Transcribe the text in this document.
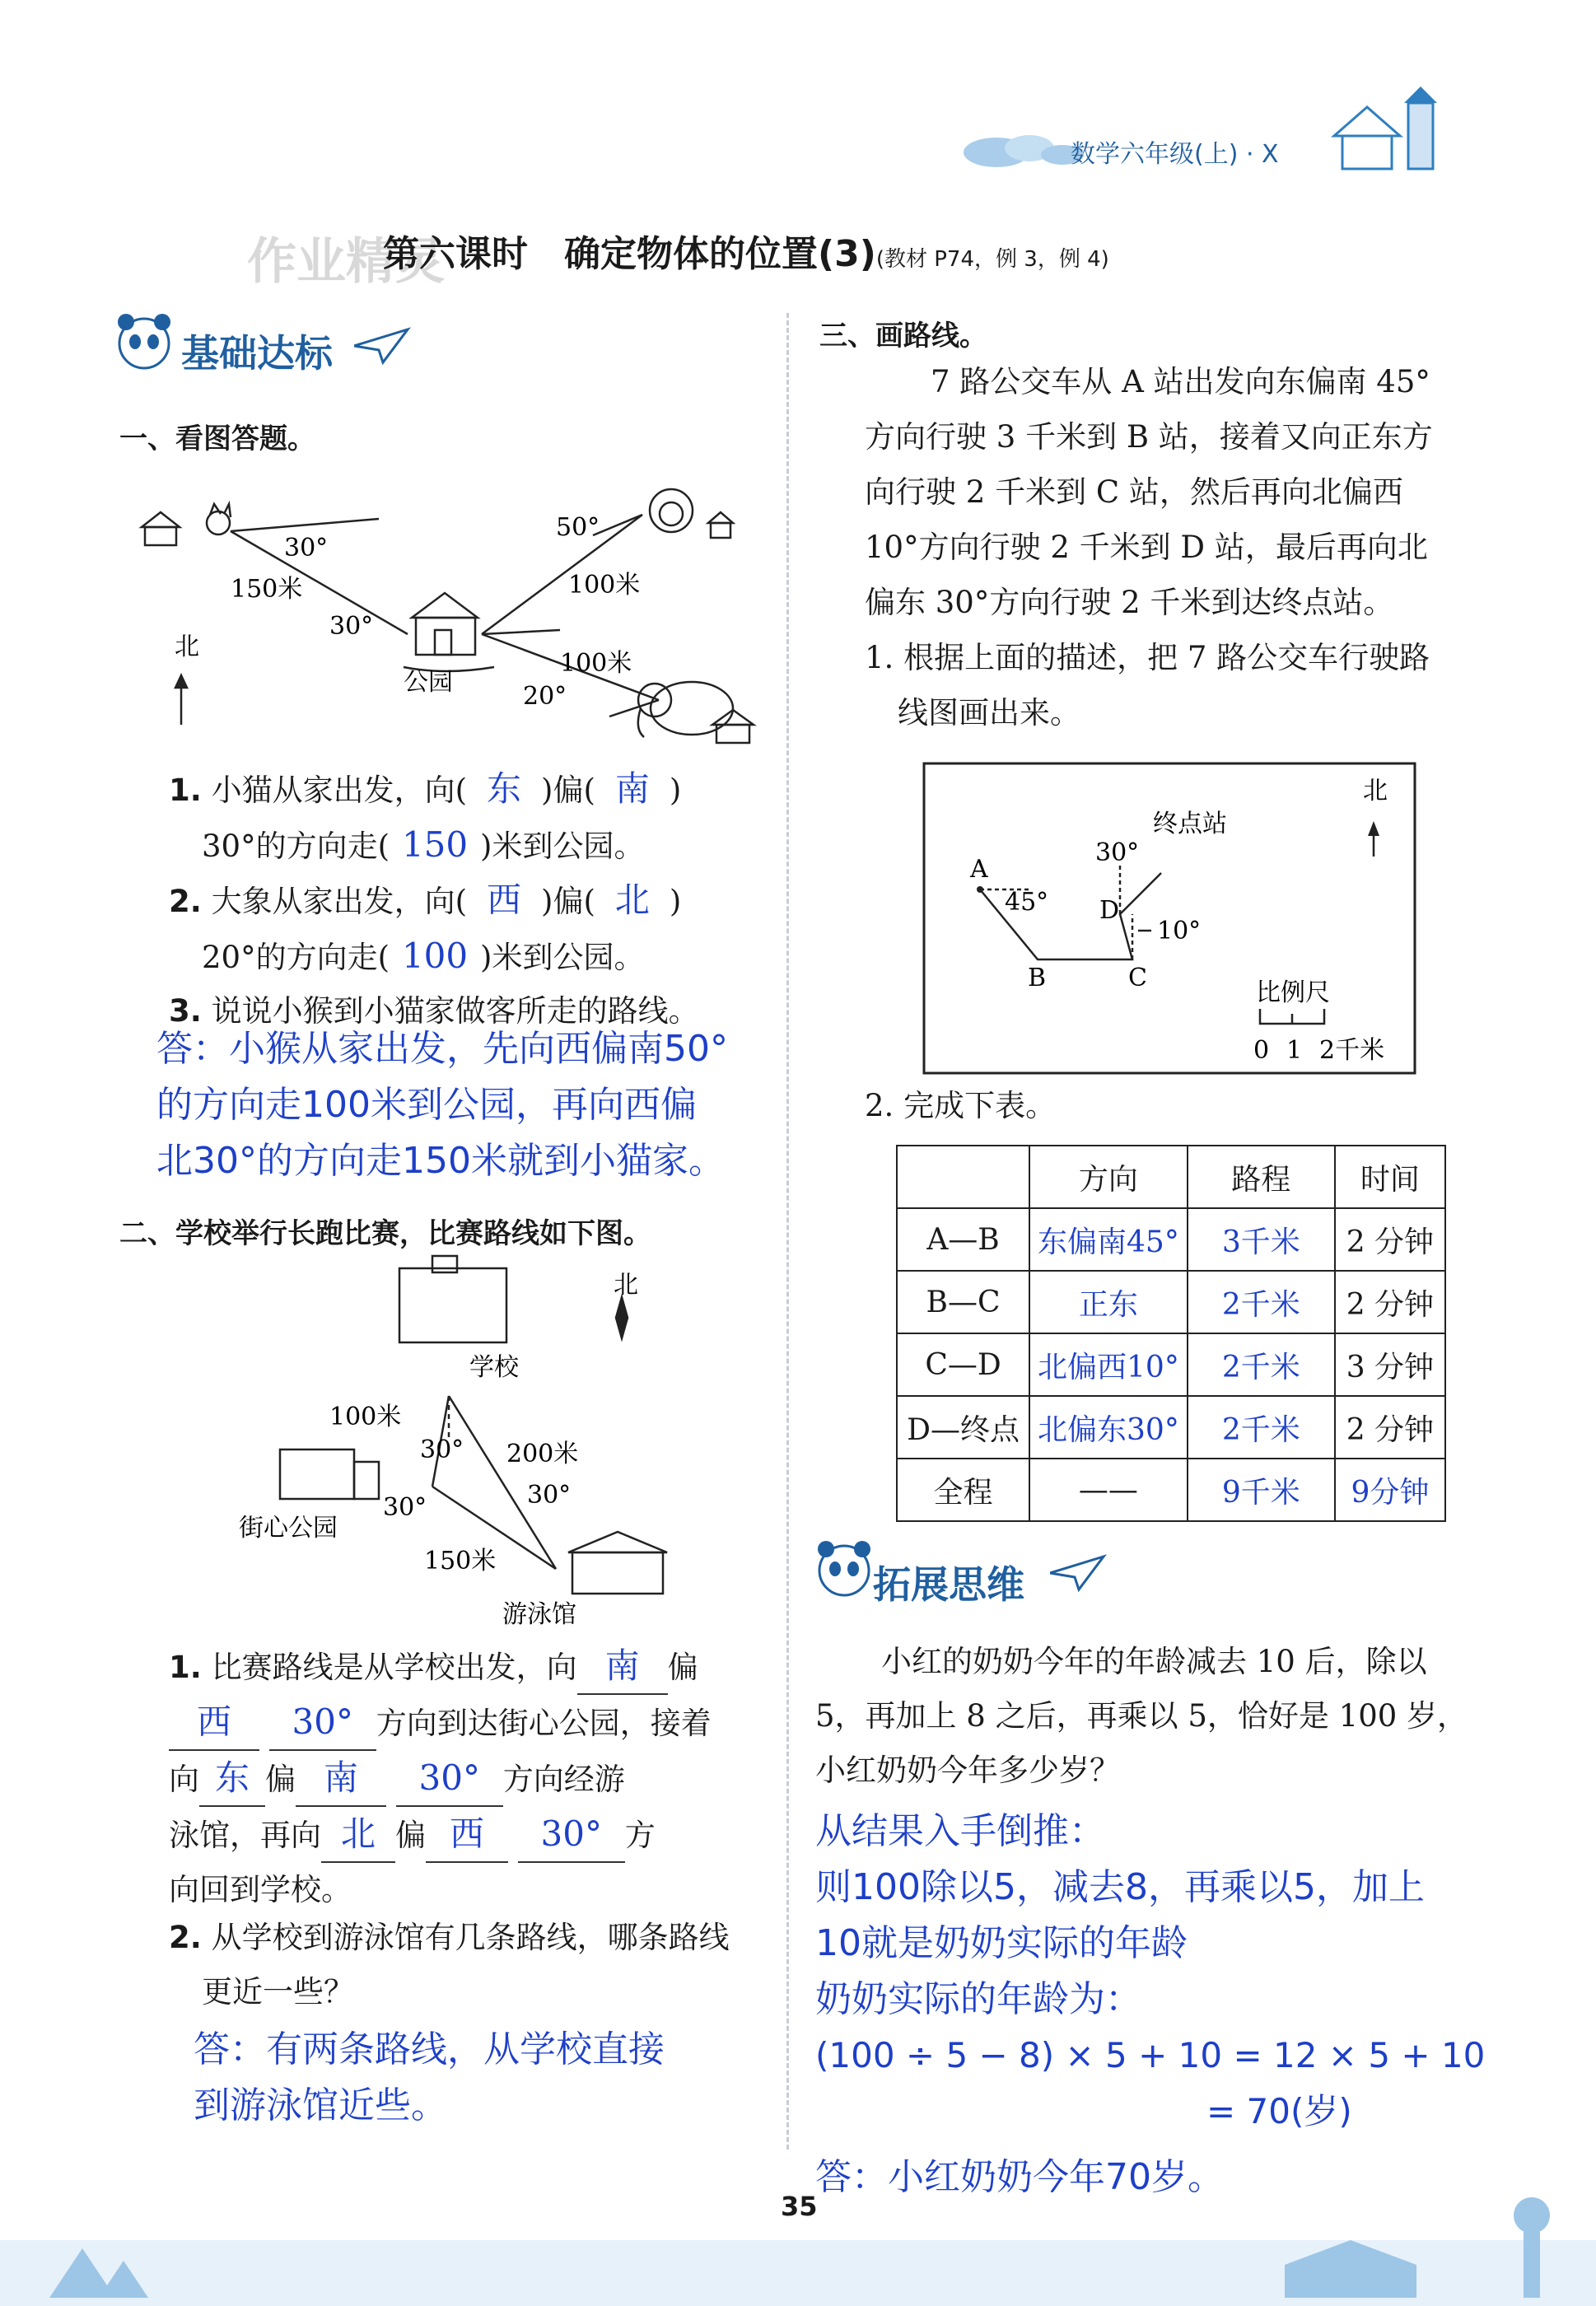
数学六年级(上) · X
作业精灵
第六课时　确定物体的位置(3)(教材 P74，例 3，例 4)
基础达标
一、看图答题。
北
公园
30°
150米
30°
50°
100米
100米
20°
1. 小猫从家出发，向( 东 )偏( 南 )
30°的方向走( 150 )米到公园。
2. 大象从家出发，向( 西 )偏( 北 )
20°的方向走( 100 )米到公园。
3. 说说小猴到小猫家做客所走的路线。
答：小猴从家出发，先向西偏南50°
的方向走100米到公园，再向西偏
北30°的方向走150米就到小猫家。
二、学校举行长跑比赛，比赛路线如下图。
北
学校
街心公园
游泳馆
100米
200米
150米
30°
30°	30°
1. 比赛路线是从学校出发，向 南 偏
西 30° 方向到达街心公园，接着
向 东 偏 南 30° 方向经游
泳馆，再向 北 偏 西 30° 方
向回到学校。
2. 从学校到游泳馆有几条路线，哪条路线
更近一些？
答：有两条路线，从学校直接
到游泳馆近些。
三、画路线。
7 路公交车从 A 站出发向东偏南 45°
方向行驶 3 千米到 B 站，接着又向正东方
向行驶 2 千米到 C 站，然后再向北偏西
10°方向行驶 2 千米到 D 站，最后再向北
偏东 30°方向行驶 2 千米到达终点站。
1. 根据上面的描述，把 7 路公交车行驶路
线图画出来。
北
A
B	C
D
终点站
45°
30°
10°
比例尺
0 1 2千米
2. 完成下表。
	方向	路程	时间
A—B	东偏南45°	3千米	2 分钟
B—C	正东	2千米	2 分钟
C—D	北偏西10°	2千米	3 分钟
D—终点	北偏东30°	2千米	2 分钟
全程	——	9千米	9分钟
拓展思维
小红的奶奶今年的年龄减去 10 后，除以
5，再加上 8 之后，再乘以 5，恰好是 100 岁，
小红奶奶今年多少岁？
从结果入手倒推：
则100除以5，减去8，再乘以5，加上
10就是奶奶实际的年龄
奶奶实际的年龄为：
(100 ÷ 5 − 8) × 5 + 10 = 12 × 5 + 10
= 70(岁)
答：小红奶奶今年70岁。
35
